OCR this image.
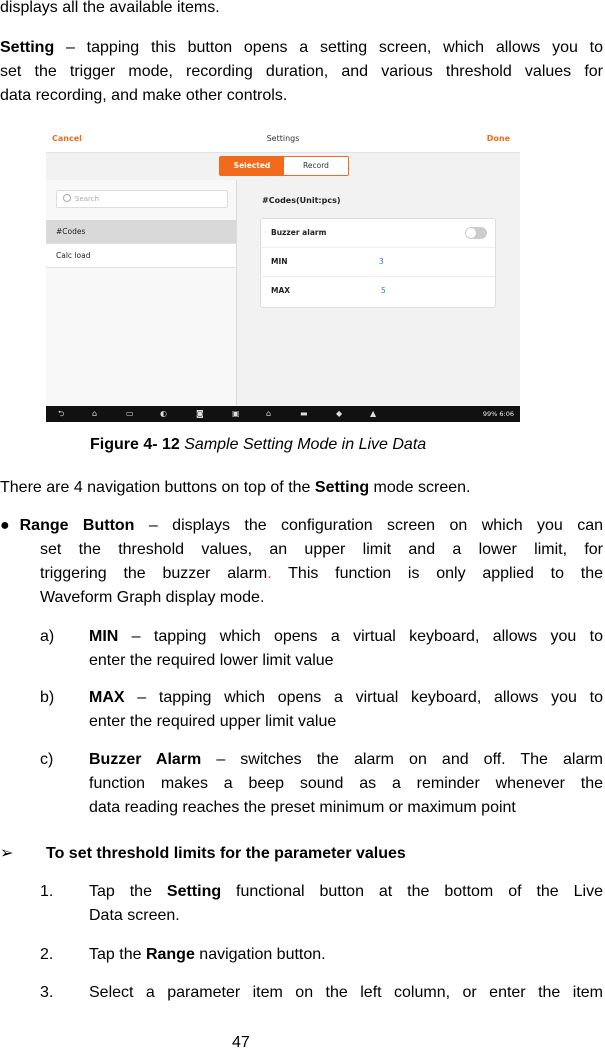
displays all the available items.

Setting – tapping this button opens a setting screen, which allows you to

set the trigger mode, recording duration, and various threshold values for

data recording, and make other controls.

Cancel	Settings	Done
Selected	Record
Search
#Codes
Calc load
#Codes(Unit:pcs)
Buzzer alarm
MIN	3
MAX	5
⮌	⌂	▭	◐	◙	▣	⌂	▬	◆	▲	99% 6:06
Figure 4- 12 Sample Setting Mode in Live Data

There are 4 navigation buttons on top of the Setting mode screen.

●Range Button – displays the configuration screen on which you can

set the threshold values, an upper limit and a lower limit, for

triggering the buzzer alarm. This function is only applied to the

Waveform Graph display mode.

a)	MIN – tapping which opens a virtual keyboard, allows you to

enter the required lower limit value

b)	MAX – tapping which opens a virtual keyboard, allows you to

enter the required upper limit value

c)	Buzzer Alarm – switches the alarm on and off. The alarm

function makes a beep sound as a reminder whenever the

data reading reaches the preset minimum or maximum point

➢	To set threshold limits for the parameter values

1.	Tap the Setting functional button at the bottom of the Live

Data screen.

2.	Tap the Range navigation button.

3.	Select a parameter item on the left column, or enter the item

47
